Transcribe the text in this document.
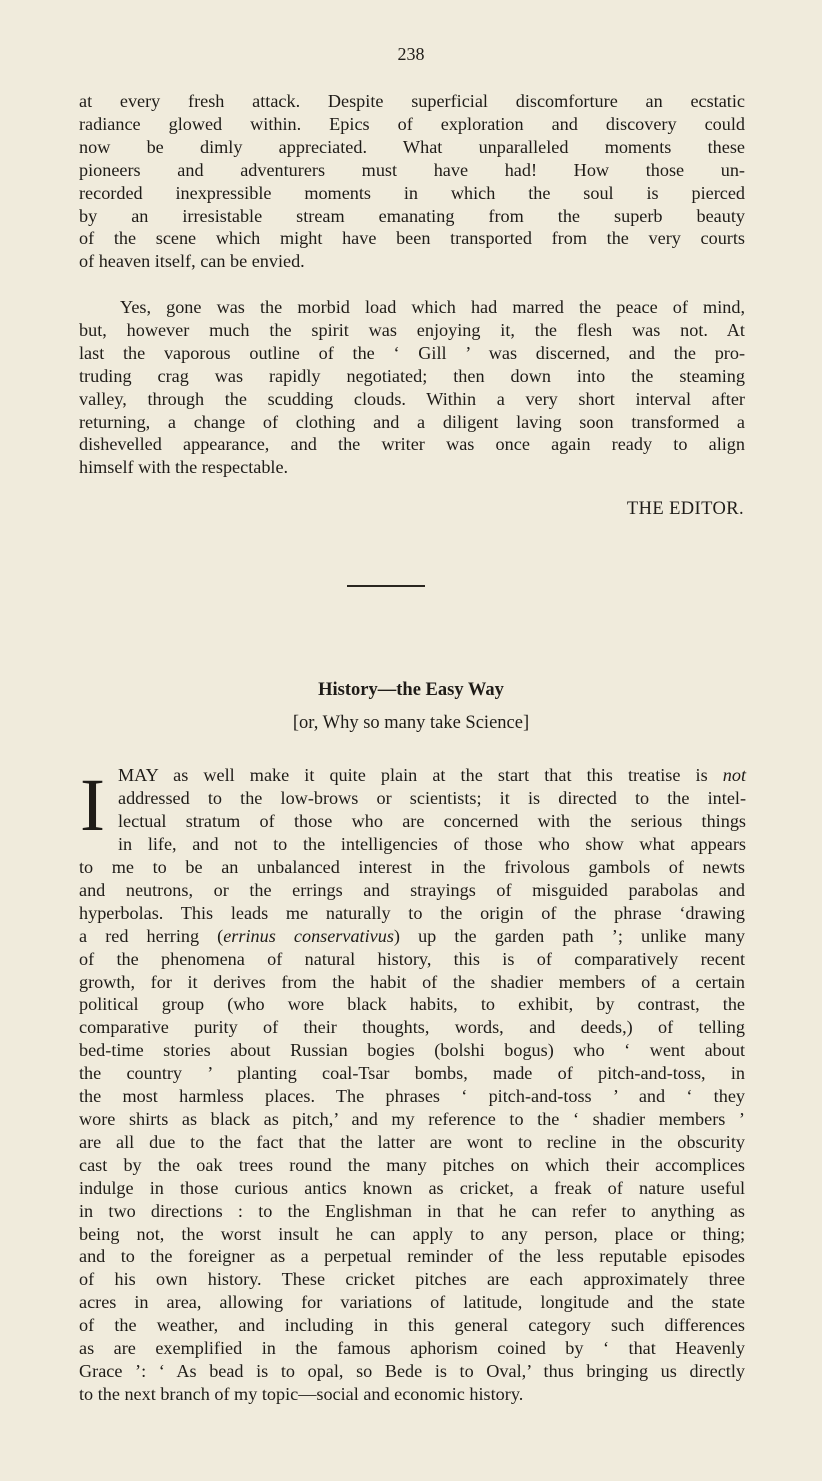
238
at every fresh attack. Despite superficial discomforture an ecstatic
radiance glowed within. Epics of exploration and discovery could
now be dimly appreciated. What unparalleled moments these
pioneers and adventurers must have had! How those un-
recorded inexpressible moments in which the soul is pierced
by an irresistable stream emanating from the superb beauty
of the scene which might have been transported from the very courts
of heaven itself, can be envied.
Yes, gone was the morbid load which had marred the peace of mind,
but, however much the spirit was enjoying it, the flesh was not. At
last the vaporous outline of the ‘ Gill ’ was discerned, and the pro-
truding crag was rapidly negotiated; then down into the steaming
valley, through the scudding clouds. Within a very short interval after
returning, a change of clothing and a diligent laving soon transformed a
dishevelled appearance, and the writer was once again ready to align
himself with the respectable.
THE EDITOR.
History—the Easy Way
[or, Why so many take Science]
I MAY as well make it quite plain at the start that this treatise is not
addressed to the low-brows or scientists; it is directed to the intel-
lectual stratum of those who are concerned with the serious things
in life, and not to the intelligencies of those who show what appears
to me to be an unbalanced interest in the frivolous gambols of newts
and neutrons, or the errings and strayings of misguided parabolas and
hyperbolas. This leads me naturally to the origin of the phrase ‘drawing
a red herring (errinus conservativus) up the garden path ’; unlike many
of the phenomena of natural history, this is of comparatively recent
growth, for it derives from the habit of the shadier members of a certain
political group (who wore black habits, to exhibit, by contrast, the
comparative purity of their thoughts, words, and deeds,) of telling
bed-time stories about Russian bogies (bolshi bogus) who ‘ went about
the country ’ planting coal-Tsar bombs, made of pitch-and-toss, in
the most harmless places. The phrases ‘ pitch-and-toss ’ and ‘ they
wore shirts as black as pitch,’ and my reference to the ‘ shadier members ’
are all due to the fact that the latter are wont to recline in the obscurity
cast by the oak trees round the many pitches on which their accomplices
indulge in those curious antics known as cricket, a freak of nature useful
in two directions : to the Englishman in that he can refer to anything as
being not, the worst insult he can apply to any person, place or thing;
and to the foreigner as a perpetual reminder of the less reputable episodes
of his own history. These cricket pitches are each approximately three
acres in area, allowing for variations of latitude, longitude and the state
of the weather, and including in this general category such differences
as are exemplified in the famous aphorism coined by ‘ that Heavenly
Grace ’: ‘ As bead is to opal, so Bede is to Oval,’ thus bringing us directly
to the next branch of my topic—social and economic history.
